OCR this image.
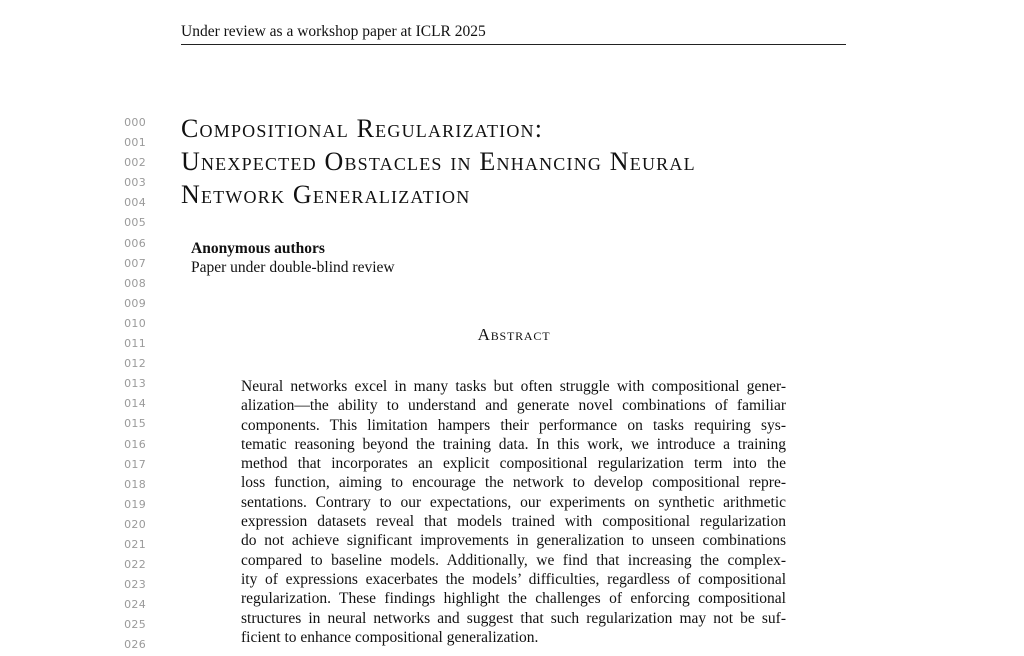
Under review as a workshop paper at ICLR 2025
000
001
002
003
004
005
006
007
008
009
010
011
012
013
014
015
016
017
018
019
020
021
022
023
024
025
026
Compositional Regularization:
Unexpected Obstacles in Enhancing Neural
Network Generalization
Anonymous authors
Paper under double-blind review
Abstract
Neural networks excel in many tasks but often struggle with compositional gener-
alization—the ability to understand and generate novel combinations of familiar
components. This limitation hampers their performance on tasks requiring sys-
tematic reasoning beyond the training data. In this work, we introduce a training
method that incorporates an explicit compositional regularization term into the
loss function, aiming to encourage the network to develop compositional repre-
sentations. Contrary to our expectations, our experiments on synthetic arithmetic
expression datasets reveal that models trained with compositional regularization
do not achieve significant improvements in generalization to unseen combinations
compared to baseline models. Additionally, we find that increasing the complex-
ity of expressions exacerbates the models’ difficulties, regardless of compositional
regularization. These findings highlight the challenges of enforcing compositional
structures in neural networks and suggest that such regularization may not be suf-
ficient to enhance compositional generalization.
